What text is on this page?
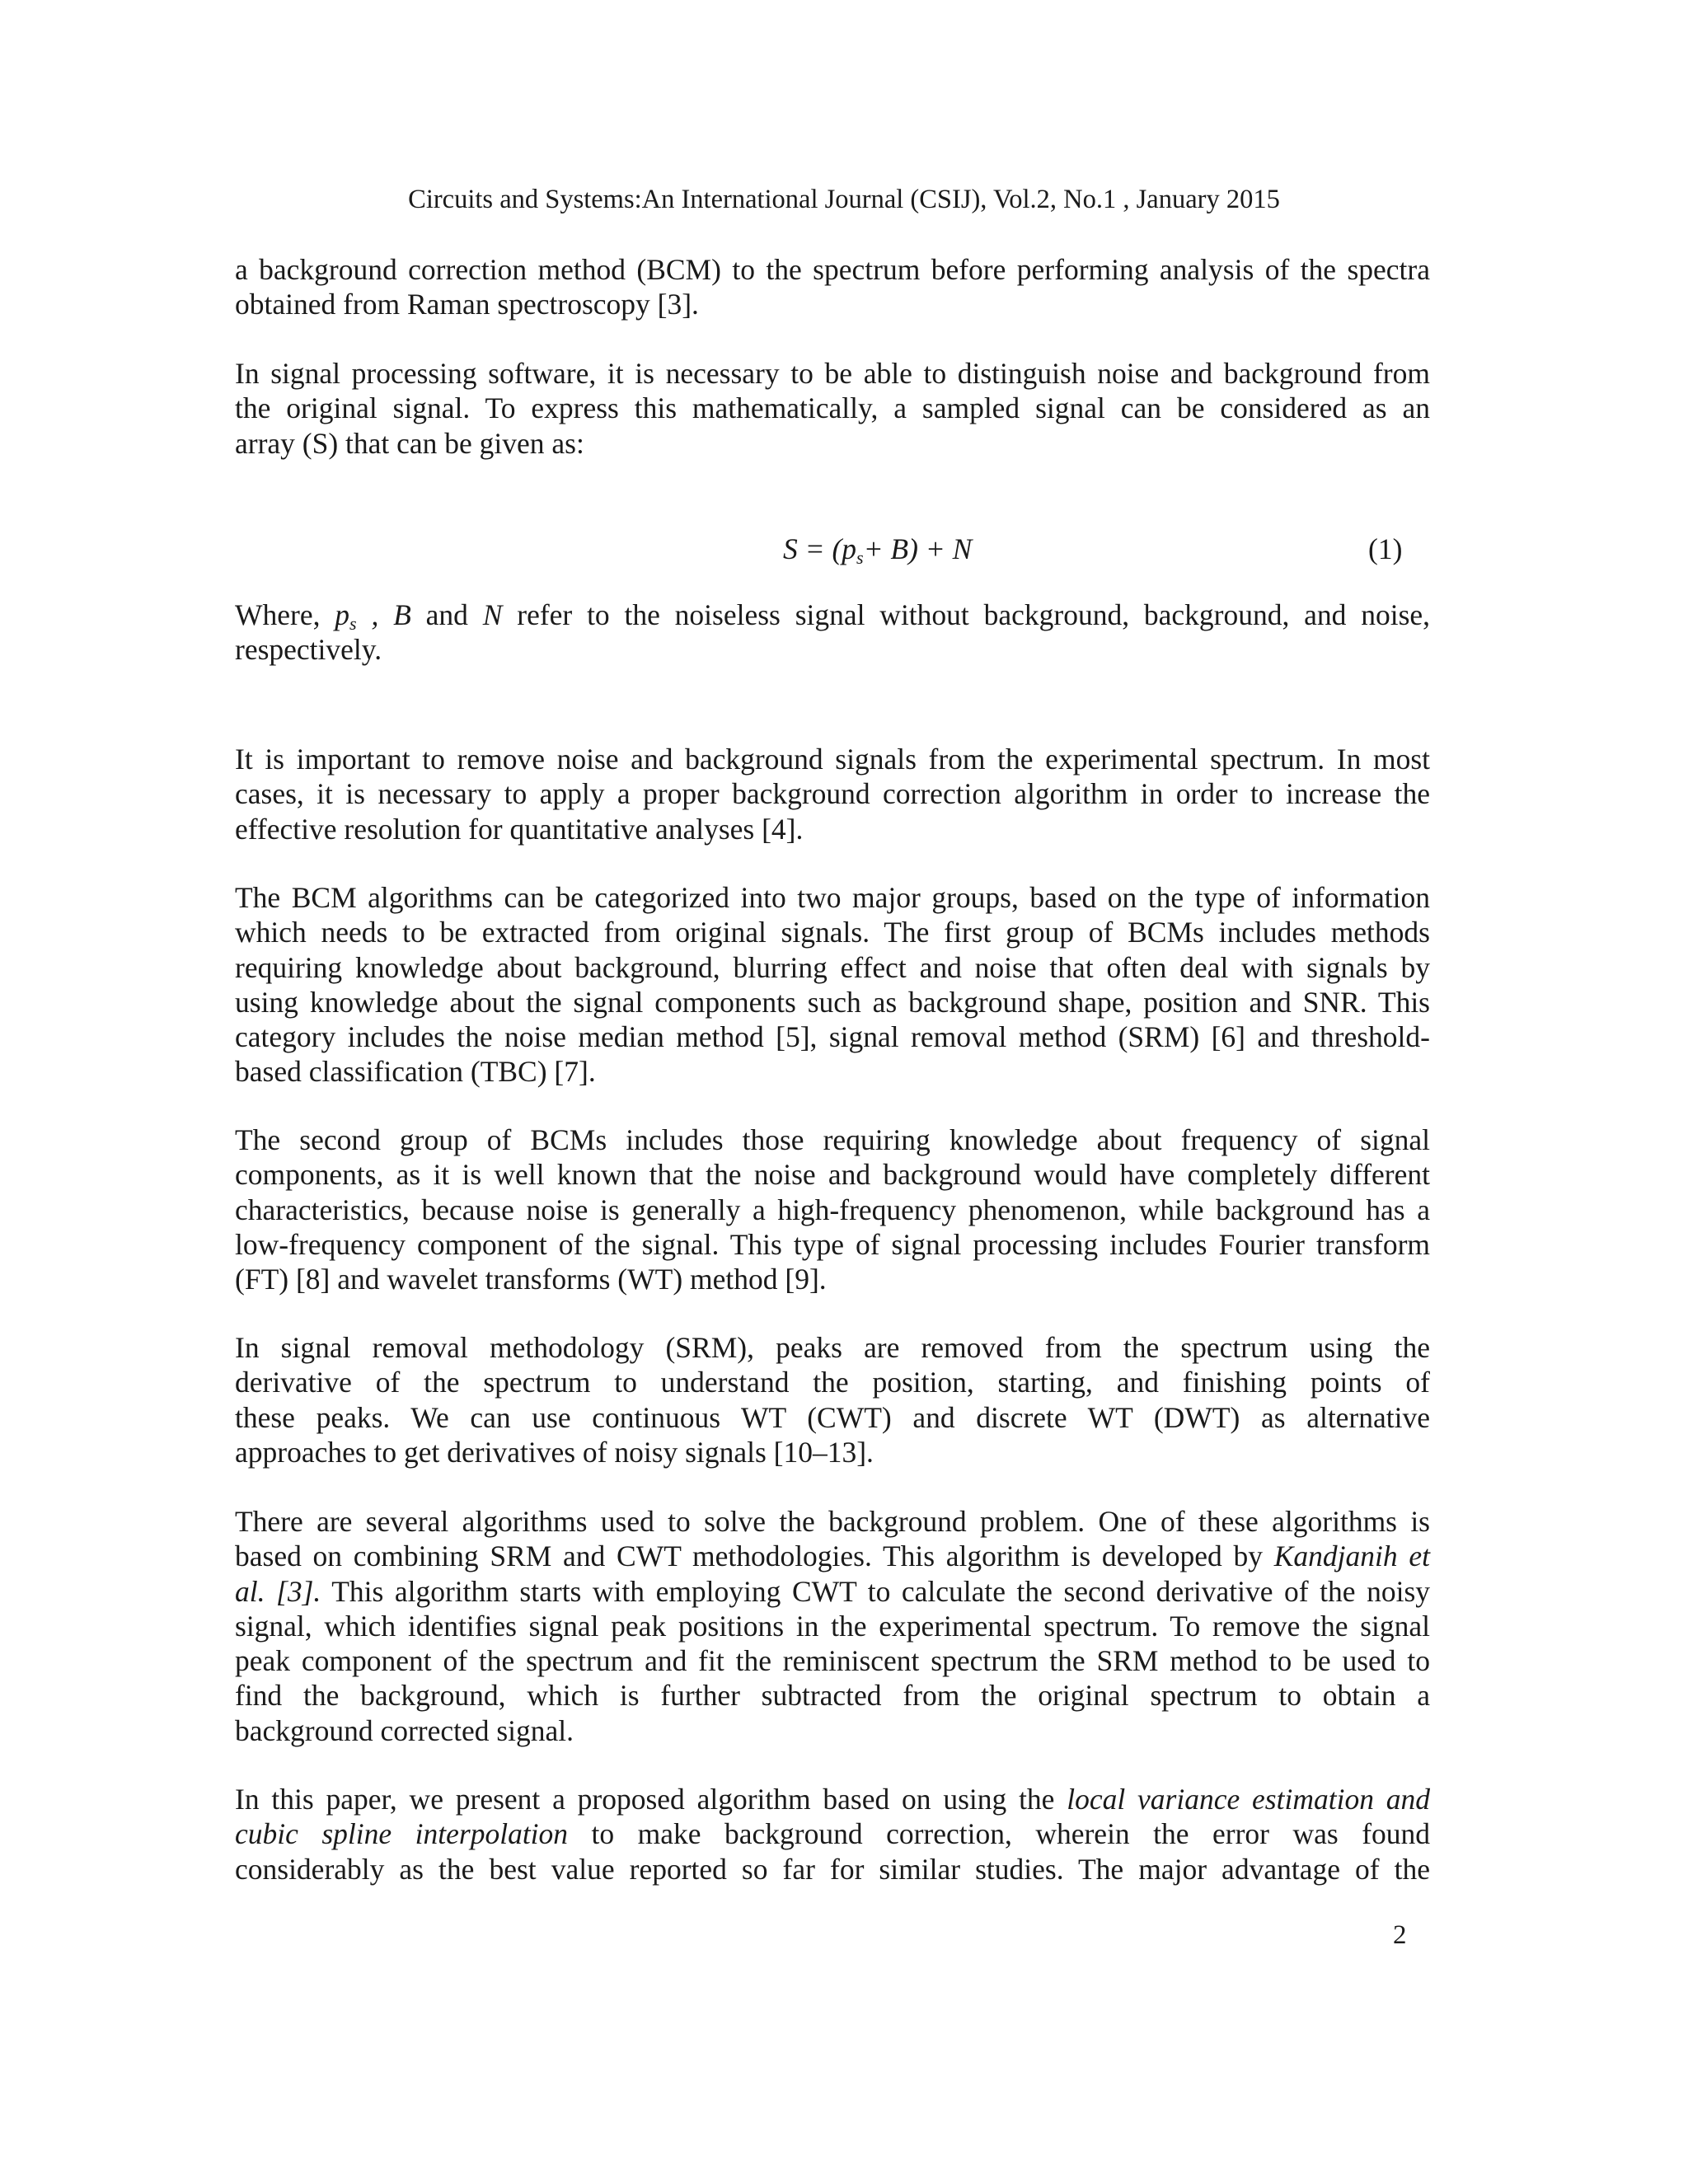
Circuits and Systems:An International Journal (CSIJ), Vol.2, No.1 , January 2015
a background correction method (BCM) to the spectrum before performing analysis of the spectra
obtained from Raman spectroscopy [3].
In signal processing software, it is necessary to be able to distinguish noise and background from
the original signal. To express this mathematically, a sampled signal can be considered as an
array (S) that can be given as:
$S = (p_s+ B) + N$	(1)
Where, $p_s$ , B and N refer to the noiseless signal without background, background, and noise,
respectively.
It is important to remove noise and background signals from the experimental spectrum. In most
cases, it is necessary to apply a proper background correction algorithm in order to increase the
effective resolution for quantitative analyses [4].
The BCM algorithms can be categorized into two major groups, based on the type of information
which needs to be extracted from original signals. The first group of BCMs includes methods
requiring knowledge about background, blurring effect and noise that often deal with signals by
using knowledge about the signal components such as background shape, position and SNR. This
category includes the noise median method [5], signal removal method (SRM) [6] and threshold-
based classification (TBC) [7].
The second group of BCMs includes those requiring knowledge about frequency of signal
components, as it is well known that the noise and background would have completely different
characteristics, because noise is generally a high-frequency phenomenon, while background has a
low-frequency component of the signal. This type of signal processing includes Fourier transform
(FT) [8] and wavelet transforms (WT) method [9].
In signal removal methodology (SRM), peaks are removed from the spectrum using the
derivative of the spectrum to understand the position, starting, and finishing points of
these peaks. We can use continuous WT (CWT) and discrete WT (DWT) as alternative
approaches to get derivatives of noisy signals [10–13].
There are several algorithms used to solve the background problem. One of these algorithms is
based on combining SRM and CWT methodologies. This algorithm is developed by Kandjanih et
al. [3]. This algorithm starts with employing CWT to calculate the second derivative of the noisy
signal, which identifies signal peak positions in the experimental spectrum. To remove the signal
peak component of the spectrum and fit the reminiscent spectrum the SRM method to be used to
find the background, which is further subtracted from the original spectrum to obtain a
background corrected signal.
In this paper, we present a proposed algorithm based on using the local variance estimation and
cubic spline interpolation to make background correction, wherein the error was found
considerably as the best value reported so far for similar studies. The major advantage of the
2
